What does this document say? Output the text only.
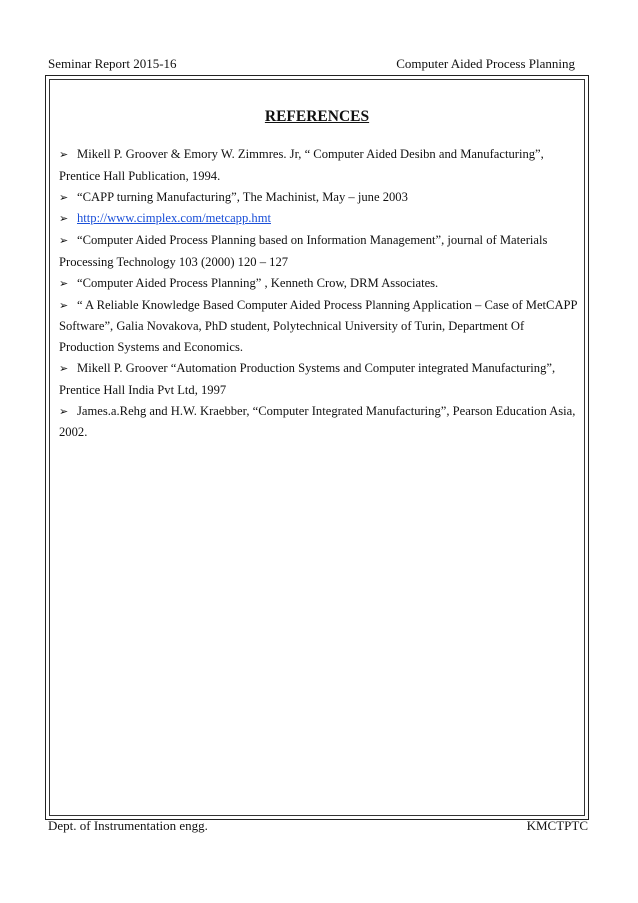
Seminar Report 2015-16	Computer Aided Process Planning
REFERENCES

➢ Mikell P. Groover & Emory W. Zimmres. Jr, “ Computer Aided Desibn and Manufacturing”, Prentice Hall Publication, 1994.

➢ “CAPP turning Manufacturing”, The Machinist, May – june 2003

➢ http://www.cimplex.com/metcapp.hmt

➢ “Computer Aided Process Planning based on Information Management”, journal of Materials Processing Technology 103 (2000) 120 – 127

➢ “Computer Aided Process Planning” , Kenneth Crow, DRM Associates.

➢ “ A Reliable Knowledge Based Computer Aided Process Planning Application – Case of MetCAPP Software”, Galia Novakova, PhD student, Polytechnical University of Turin, Department Of Production Systems and Economics.

➢ Mikell P. Groover “Automation Production Systems and Computer integrated Manufacturing”, Prentice Hall India Pvt Ltd, 1997

➢ James.a.Rehg and H.W. Kraebber, “Computer Integrated Manufacturing”, Pearson Education Asia, 2002.

Dept. of Instrumentation engg.	KMCTPTC
